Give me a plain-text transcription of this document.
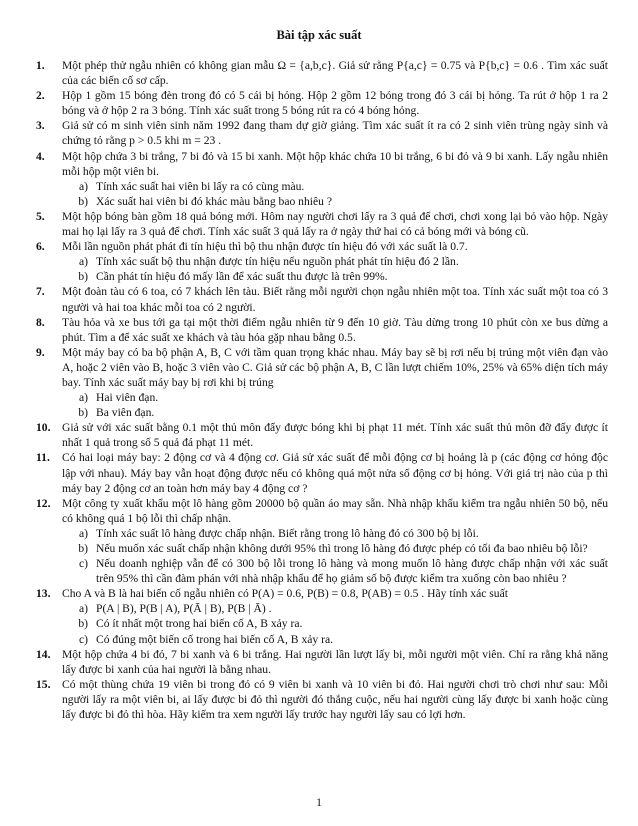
Bài tập xác suất
1.	Một phép thử ngẫu nhiên có không gian mẫu Ω = {a,b,c}. Giả sử rằng P{a,c} = 0.75 và P{b,c} = 0.6 . Tìm xác suất của các biến cố sơ cấp.
2.	Hộp 1 gồm 15 bóng đèn trong đó có 5 cái bị hỏng. Hộp 2 gồm 12 bóng trong đó 3 cái bị hỏng. Ta rút ở hộp 1 ra 2 bóng và ở hộp 2 ra 3 bóng. Tính xác suất trong 5 bóng rút ra có 4 bóng hỏng.
3.	Giả sử có m sinh viên sinh năm 1992 đang tham dự giờ giảng. Tìm xác suất ít ra có 2 sinh viên trùng ngày sinh và chứng tỏ rằng p > 0.5 khi m = 23 .
4.	Một hộp chứa 3 bi trắng, 7 bi đỏ và 15 bi xanh. Một hộp khác chứa 10 bi trắng, 6 bi đỏ và 9 bi xanh. Lấy ngẫu nhiên mỗi hộp một viên bi.
a) Tính xác suất hai viên bi lấy ra có cùng màu.
b) Xác suất hai viên bi đó khác màu bằng bao nhiêu ?
5.	Một hộp bóng bàn gồm 18 quả bóng mới. Hôm nay người chơi lấy ra 3 quả để chơi, chơi xong lại bỏ vào hộp. Ngày mai họ lại lấy ra 3 quả để chơi. Tính xác suất 3 quả lấy ra ở ngày thứ hai có cả bóng mới và bóng cũ.
6.	Mỗi lần nguồn phát phát đi tín hiệu thì bộ thu nhận được tín hiệu đó với xác suất là 0.7.
a) Tính xác suất bộ thu nhận được tín hiệu nếu nguồn phát phát tín hiệu đó 2 lần.
b) Cần phát tín hiệu đó mấy lần để xác suất thu được là trên 99%.
7.	Một đoàn tàu có 6 toa, có 7 khách lên tàu. Biết rằng mỗi người chọn ngẫu nhiên một toa. Tính xác suất một toa có 3 người và hai toa khác mỗi toa có 2 người.
8.	Tàu hỏa và xe bus tới ga tại một thời điểm ngẫu nhiên từ 9 đến 10 giờ. Tàu dừng trong 10 phút còn xe bus dừng a phút. Tìm a để xác suất xe khách và tàu hỏa gặp nhau bằng 0.5.
9.	Một máy bay có ba bộ phận A, B, C với tầm quan trọng khác nhau. Máy bay sẽ bị rơi nếu bị trúng một viên đạn vào A, hoặc 2 viên vào B, hoặc 3 viên vào C. Giả sử các bộ phận A, B, C lần lượt chiếm 10%, 25% và 65% diện tích máy bay. Tính xác suất máy bay bị rơi khi bị trúng
a) Hai viên đạn.
b) Ba viên đạn.
10. Giả sử với xác suất bằng 0.1 một thủ môn đẩy được bóng khi bị phạt 11 mét. Tính xác suất thủ môn đỡ đẩy được ít nhất 1 quả trong số 5 quả đá phạt 11 mét.
11.	Có hai loại máy bay: 2 động cơ và 4 động cơ. Giả sử xác suất để mỗi động cơ bị hoảng là p (các động cơ hỏng độc lập với nhau). Máy bay vẫn hoạt động được nếu có không quá một nửa số động cơ bị hỏng. Với giá trị nào của p thì máy bay 2 động cơ an toàn hơn máy bay 4 động cơ ?
12. Một công ty xuất khẩu một lô hàng gồm 20000 bộ quần áo may sẵn. Nhà nhập khẩu kiểm tra ngẫu nhiên 50 bộ, nếu có không quá 1 bộ lỗi thì chấp nhận.
a) Tính xác suất lô hàng được chấp nhận. Biết rằng trong lô hàng đó có 300 bộ bị lỗi.
b) Nếu muốn xác suất chấp nhận không dưới 95% thì trong lô hàng đó được phép có tối đa bao nhiêu bộ lỗi?
c) Nếu doanh nghiệp vẫn để có 300 bộ lỗi trong lô hàng và mong muốn lô hàng được chấp nhận với xác suất trên 95% thì cần đàm phán với nhà nhập khẩu để họ giảm số bộ được kiểm tra xuống còn bao nhiêu ?
13. Cho A và B là hai biến cố ngẫu nhiên có P(A) = 0.6, P(B) = 0.8, P(AB) = 0.5 . Hãy tính xác suất
a) P(A | B), P(B | A), P(Ā | B), P(B | Ā) .
b) Có ít nhất một trong hai biến cố A, B xảy ra.
c) Có đúng một biến cố trong hai biến cố A, B xảy ra.
14. Một hộp chứa 4 bi đỏ, 7 bi xanh và 6 bi trắng. Hai người lần lượt lấy bi, mỗi người một viên. Chỉ ra rằng khả năng lấy được bi xanh của hai người là bằng nhau.
15. Có một thùng chứa 19 viên bi trong đó có 9 viên bi xanh và 10 viên bi đỏ. Hai người chơi trò chơi như sau: Mỗi người lấy ra một viên bi, ai lấy được bi đỏ thì người đó thắng cuộc, nếu hai người cùng lấy được bi xanh hoặc cùng lấy được bi đỏ thì hòa. Hãy kiểm tra xem người lấy trước hay người lấy sau có lợi hơn.
1
